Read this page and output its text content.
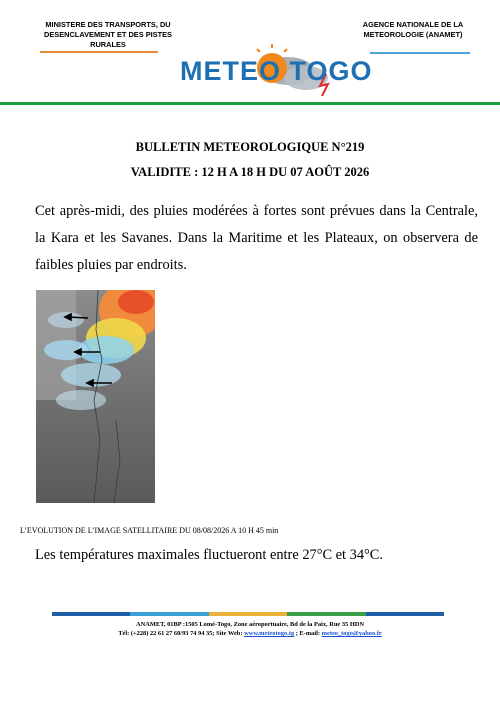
MINISTERE DES TRANSPORTS, DU DESENCLAVEMENT ET DES PISTES RURALES
AGENCE NATIONALE DE LA METEOROLOGIE (ANAMET)
METEO TOGO
BULLETIN METEOROLOGIQUE N°219
VALIDITE : 12 H A 18 H DU 07 AOÛT 2026
Cet après-midi, des pluies modérées à fortes sont prévues dans la Centrale, la Kara et les Savanes. Dans la Maritime et les Plateaux, on observera de faibles pluies par endroits.
L’EVOLUTION DE L’IMAGE SATELLITAIRE DU 08/08/2026 A 10 H 45 min
Les températures maximales fluctueront entre 27°C et 34°C.
ANAMET, 01BP :1505 Lomé-Togo, Zone aéroportuaire, Bd de la Paix, Rue 35 HDN
Tél: (+228) 22 61 27 60/93 74 94 35; Site Web: www.meteotogo.tg ; E-mail: meteo_togo@yahoo.fr
